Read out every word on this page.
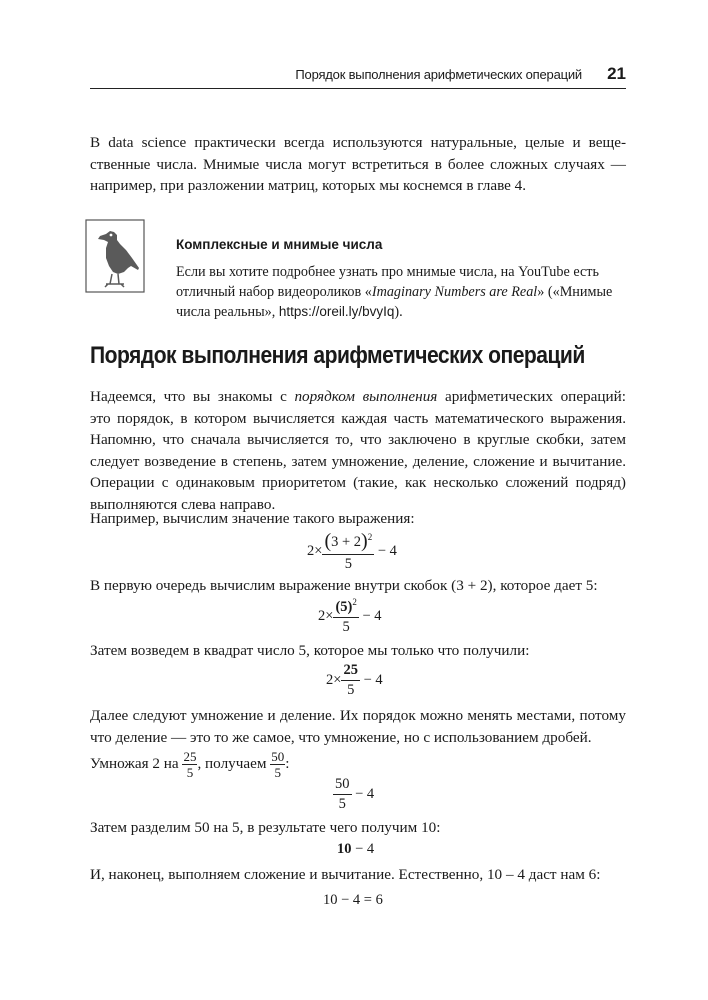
Порядок выполнения арифметических операций 21
В data science практически всегда используются натуральные, целые и веще-
ственные числа. Мнимые числа могут встретиться в более сложных случаях —
например, при разложении матриц, которых мы коснемся в главе 4.
Комплексные и мнимые числа
Если вы хотите подробнее узнать про мнимые числа, на YouTube есть
отличный набор видеороликов «Imaginary Numbers are Real» («Мнимые
числа реальны», https://oreil.ly/bvyIq).
Порядок выполнения арифметических операций
Надеемся, что вы знакомы с порядком выполнения арифметических операций:
это порядок, в котором вычисляется каждая часть математического выражения.
Напомню, что сначала вычисляется то, что заключено в круглые скобки, затем
следует возведение в степень, затем умножение, деление, сложение и вычитание.
Операции с одинаковым приоритетом (такие, как несколько сложений подряд)
выполняются слева направо.
Например, вычислим значение такого выражения:
$2\times \frac{(3 + 2)^2}{5} - 4$
В первую очередь вычислим выражение внутри скобок (3 + 2), которое дает 5:
$2\times \frac{(5)^2}{5} - 4$
Затем возведем в квадрат число 5, которое мы только что получили:
$2\times \frac{25}{5} - 4$
Далее следуют умножение и деление. Их порядок можно менять местами, потому
что деление — это то же самое, что умножение, но с использованием дробей.
Умножая 2 на $\frac{25}{5}$ , получаем $\frac{50}{5}$ :
$\frac{50}{5} - 4$
Затем разделим 50 на 5, в результате чего получим 10:
10 − 4
И, наконец, выполняем сложение и вычитание. Естественно, 10 – 4 даст нам 6:
10 − 4 = 6
